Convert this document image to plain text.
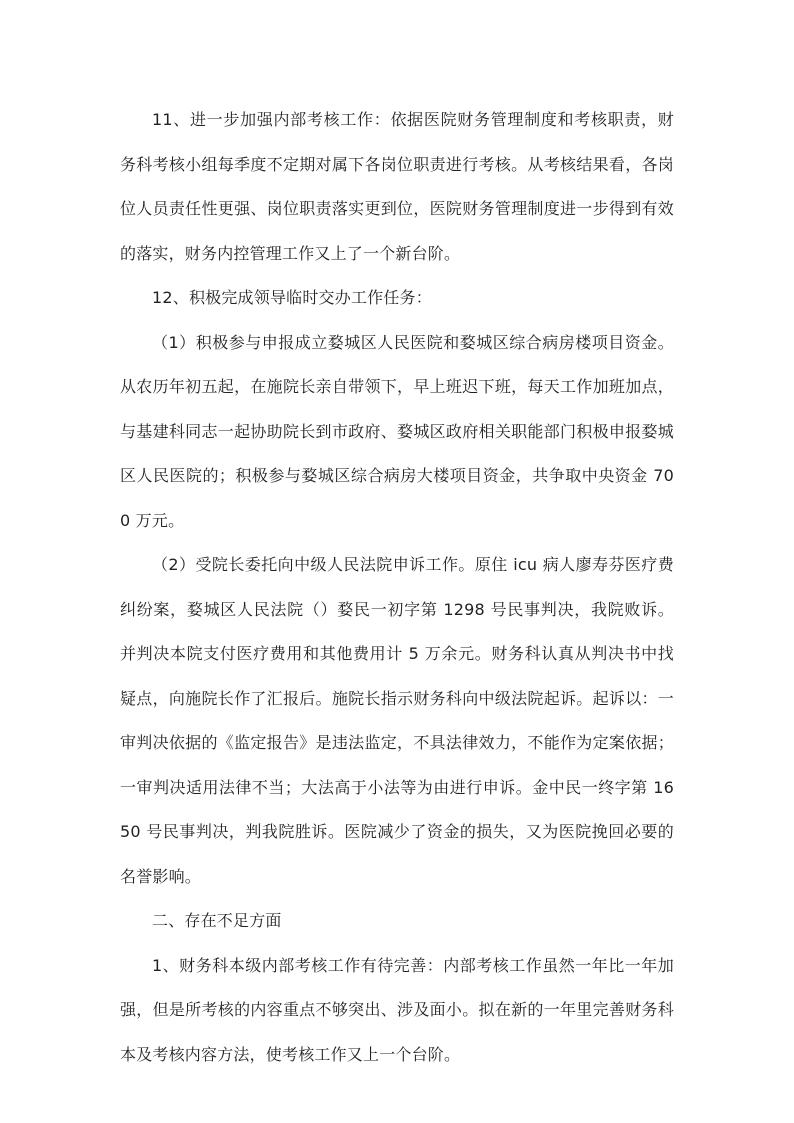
11、进一步加强内部考核工作：依据医院财务管理制度和考核职责，财务科考核小组每季度不定期对属下各岗位职责进行考核。从考核结果看，各岗位人员责任性更强、岗位职责落实更到位，医院财务管理制度进一步得到有效的落实，财务内控管理工作又上了一个新台阶。

12、积极完成领导临时交办工作任务：

（1）积极参与申报成立婺城区人民医院和婺城区综合病房楼项目资金。从农历年初五起，在施院长亲自带领下，早上班迟下班，每天工作加班加点，与基建科同志一起协助院长到市政府、婺城区政府相关职能部门积极申报婺城区人民医院的；积极参与婺城区综合病房大楼项目资金，共争取中央资金 700 万元。

（2）受院长委托向中级人民法院申诉工作。原住 icu 病人廖寿芬医疗费纠纷案，婺城区人民法院（）婺民一初字第 1298 号民事判决，我院败诉。并判决本院支付医疗费用和其他费用计 5 万余元。财务科认真从判决书中找疑点，向施院长作了汇报后。施院长指示财务科向中级法院起诉。起诉以：一审判决依据的《监定报告》是违法监定，不具法律效力，不能作为定案依据；一审判决适用法律不当；大法高于小法等为由进行申诉。金中民一终字第 1650 号民事判决，判我院胜诉。医院减少了资金的损失，又为医院挽回必要的名誉影响。

二、存在不足方面

1、财务科本级内部考核工作有待完善：内部考核工作虽然一年比一年加强，但是所考核的内容重点不够突出、涉及面小。拟在新的一年里完善财务科本及考核内容方法，使考核工作又上一个台阶。
